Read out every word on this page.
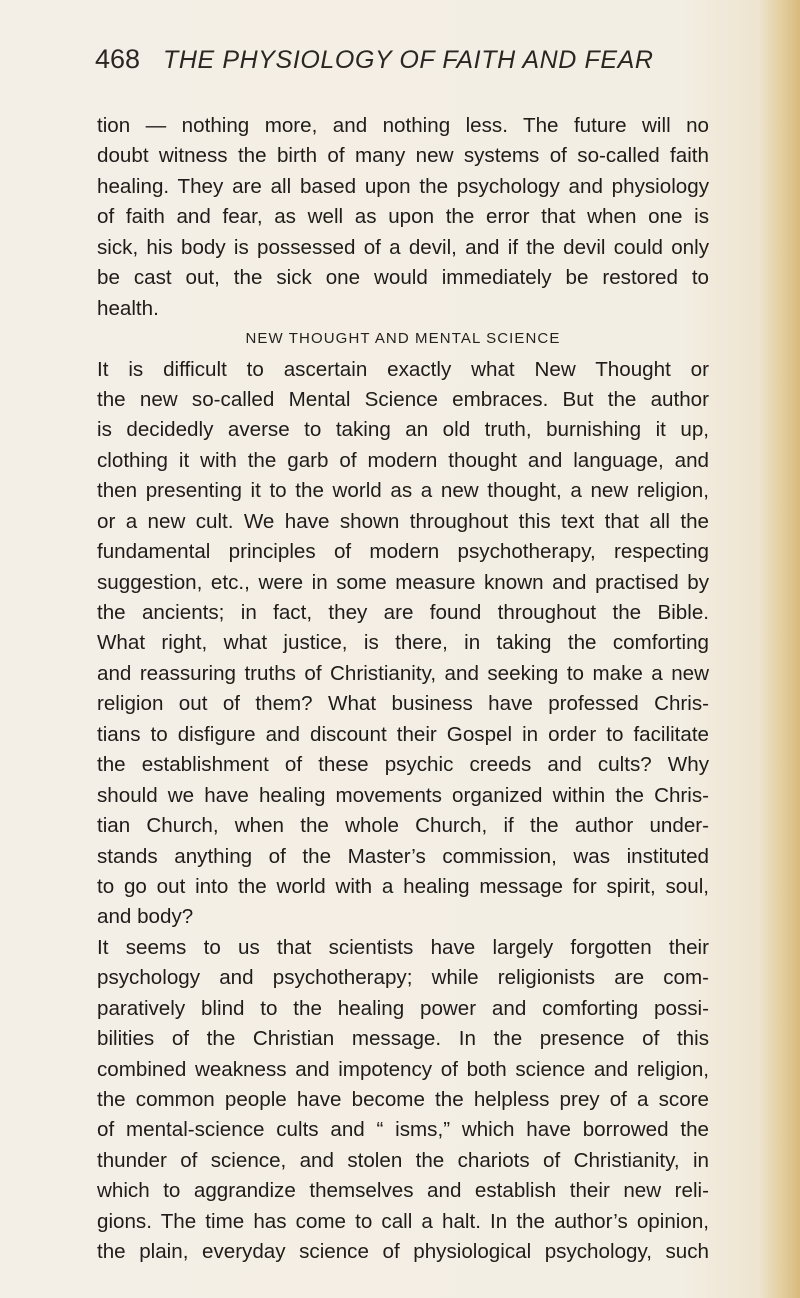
468 THE PHYSIOLOGY OF FAITH AND FEAR
tion — nothing more, and nothing less. The future will no
doubt witness the birth of many new systems of so-called faith
healing. They are all based upon the psychology and physiology
of faith and fear, as well as upon the error that when one is
sick, his body is possessed of a devil, and if the devil could only
be cast out, the sick one would immediately be restored to
health.
NEW THOUGHT AND MENTAL SCIENCE
It is difficult to ascertain exactly what New Thought or
the new so-called Mental Science embraces. But the author
is decidedly averse to taking an old truth, burnishing it up,
clothing it with the garb of modern thought and language, and
then presenting it to the world as a new thought, a new religion,
or a new cult. We have shown throughout this text that all the
fundamental principles of modern psychotherapy, respecting
suggestion, etc., were in some measure known and practised by
the ancients; in fact, they are found throughout the Bible.
What right, what justice, is there, in taking the comforting
and reassuring truths of Christianity, and seeking to make a new
religion out of them? What business have professed Chris-
tians to disfigure and discount their Gospel in order to facilitate
the establishment of these psychic creeds and cults? Why
should we have healing movements organized within the Chris-
tian Church, when the whole Church, if the author under-
stands anything of the Master’s commission, was instituted
to go out into the world with a healing message for spirit, soul,
and body?
It seems to us that scientists have largely forgotten their
psychology and psychotherapy; while religionists are com-
paratively blind to the healing power and comforting possi-
bilities of the Christian message. In the presence of this
combined weakness and impotency of both science and religion,
the common people have become the helpless prey of a score
of mental-science cults and “ isms,” which have borrowed the
thunder of science, and stolen the chariots of Christianity, in
which to aggrandize themselves and establish their new reli-
gions. The time has come to call a halt. In the author’s opinion,
the plain, everyday science of physiological psychology, such
